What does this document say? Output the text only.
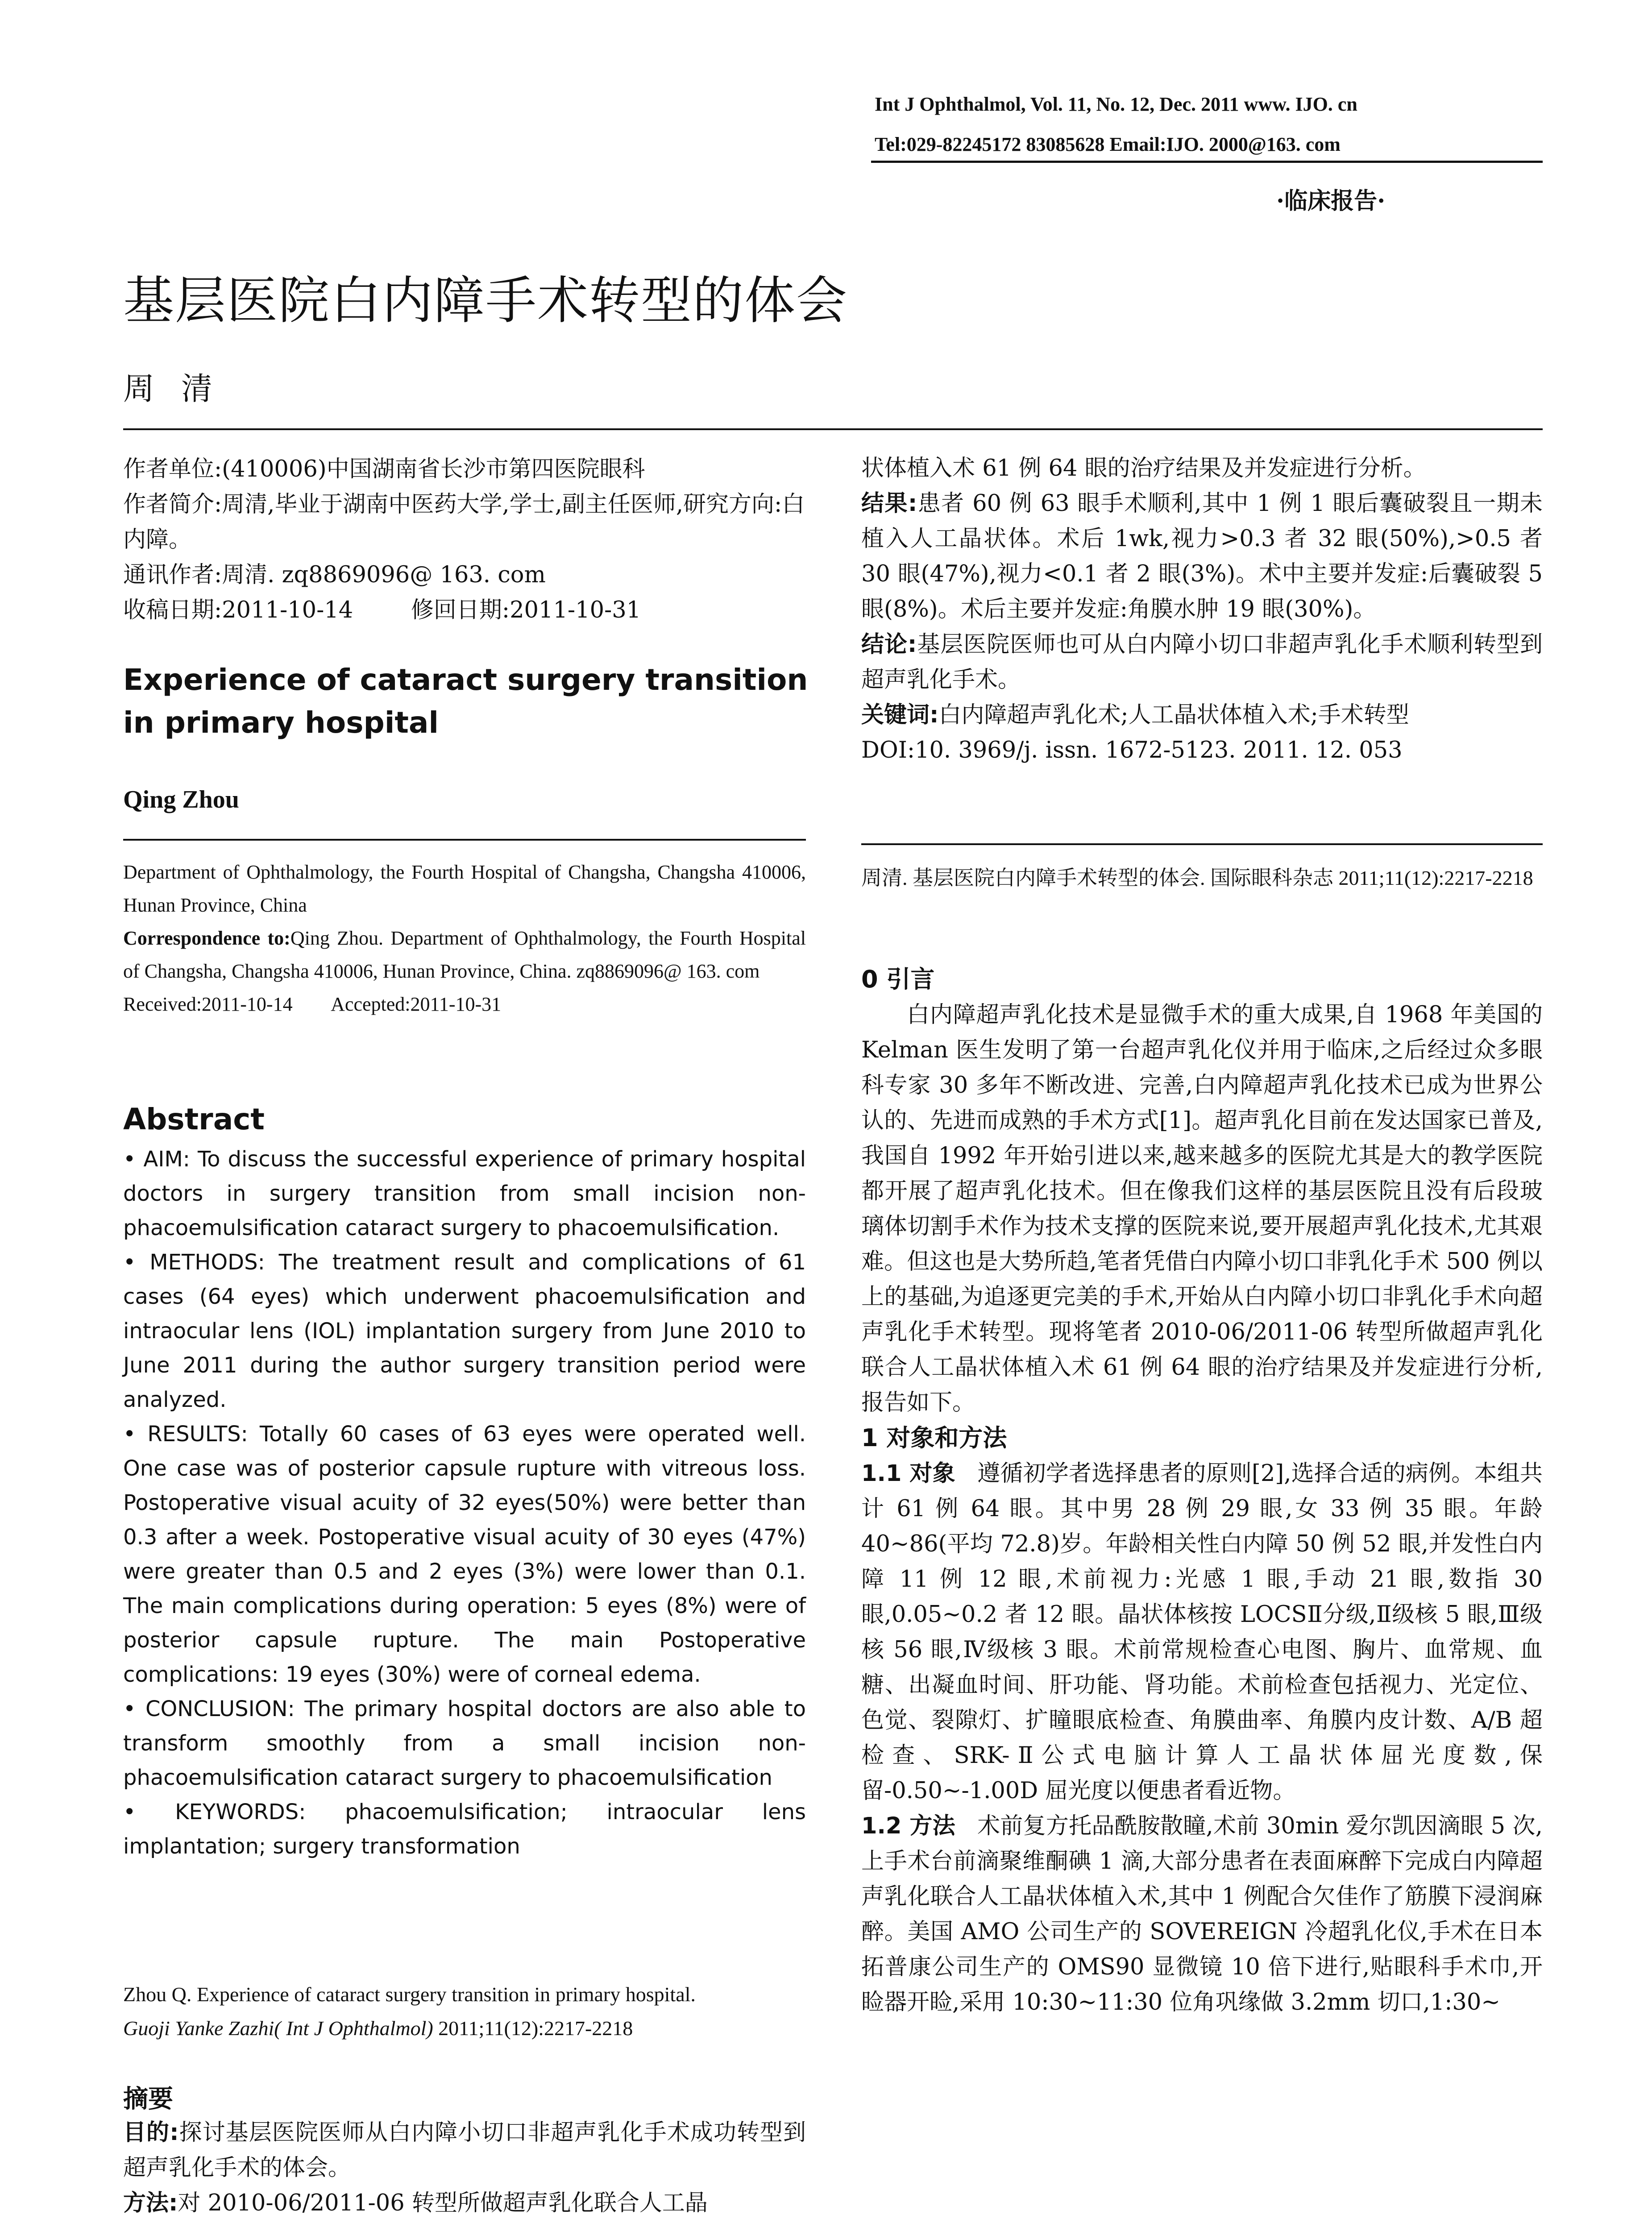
Int J Ophthalmol, Vol. 11, No. 12, Dec. 2011 www. IJO. cn
Tel:029-82245172 83085628 Email:IJO. 2000@163. com
·临床报告·
基层医院白内障手术转型的体会
周清

作者单位:(410006)中国湖南省长沙市第四医院眼科

作者简介:周清,毕业于湖南中医药大学,学士,副主任医师,研究方向:白内障。

通讯作者:周清. zq8869096@ 163. com

收稿日期:2011-10-14        修回日期:2011-10-31

Experience of cataract surgery transition in primary hospital
Qing Zhou
Department of Ophthalmology, the Fourth Hospital of Changsha, Changsha 410006, Hunan Province, China
Correspondence to:Qing Zhou. Department of Ophthalmology, the Fourth Hospital of Changsha, Changsha 410006, Hunan Province, China. zq8869096@ 163. com
Received:2011-10-14        Accepted:2011-10-31
Abstract

• AIM: To discuss the successful experience of primary hospital doctors in surgery transition from small incision non-phacoemulsification cataract surgery to phacoemulsification.

• METHODS: The treatment result and complications of 61 cases (64 eyes) which underwent phacoemulsification and intraocular lens (IOL) implantation surgery from June 2010 to June 2011 during the author surgery transition period were analyzed.

• RESULTS: Totally 60 cases of 63 eyes were operated well. One case was of posterior capsule rupture with vitreous loss. Postoperative visual acuity of 32 eyes(50%) were better than 0.3 after a week. Postoperative visual acuity of 30 eyes (47%) were greater than 0.5 and 2 eyes (3%) were lower than 0.1. The main complications during operation: 5 eyes (8%) were of posterior capsule rupture. The main Postoperative complications: 19 eyes (30%) were of corneal edema.

• CONCLUSION: The primary hospital doctors are also able to transform smoothly from a small incision non-phacoemulsification cataract surgery to phacoemulsification

• KEYWORDS: phacoemulsification; intraocular lens implantation; surgery transformation

Zhou Q. Experience of cataract surgery transition in primary hospital.
Guoji Yanke Zazhi( Int J Ophthalmol) 2011;11(12):2217-2218
摘要

目的:探讨基层医院医师从白内障小切口非超声乳化手术成功转型到超声乳化手术的体会。

方法:对 2010-06/2011-06 转型所做超声乳化联合人工晶

状体植入术 61 例 64 眼的治疗结果及并发症进行分析。

结果:患者 60 例 63 眼手术顺利,其中 1 例 1 眼后囊破裂且一期未植入人工晶状体。术后 1wk,视力>0.3 者 32 眼(50%),>0.5 者 30 眼(47%),视力<0.1 者 2 眼(3%)。术中主要并发症:后囊破裂 5 眼(8%)。术后主要并发症:角膜水肿 19 眼(30%)。

结论:基层医院医师也可从白内障小切口非超声乳化手术顺利转型到超声乳化手术。

关键词:白内障超声乳化术;人工晶状体植入术;手术转型

DOI:10. 3969/j. issn. 1672-5123. 2011. 12. 053

周清. 基层医院白内障手术转型的体会. 国际眼科杂志 2011;11(12):2217-2218
0 引言
白内障超声乳化技术是显微手术的重大成果,自 1968 年美国的 Kelman 医生发明了第一台超声乳化仪并用于临床,之后经过众多眼科专家 30 多年不断改进、完善,白内障超声乳化技术已成为世界公认的、先进而成熟的手术方式[1]。超声乳化目前在发达国家已普及,我国自 1992 年开始引进以来,越来越多的医院尤其是大的教学医院都开展了超声乳化技术。但在像我们这样的基层医院且没有后段玻璃体切割手术作为技术支撑的医院来说,要开展超声乳化技术,尤其艰难。但这也是大势所趋,笔者凭借白内障小切口非乳化手术 500 例以上的基础,为追逐更完美的手术,开始从白内障小切口非乳化手术向超声乳化手术转型。现将笔者 2010-06/2011-06 转型所做超声乳化联合人工晶状体植入术 61 例 64 眼的治疗结果及并发症进行分析,报告如下。
1 对象和方法
1.1 对象 遵循初学者选择患者的原则[2],选择合适的病例。本组共计 61 例 64 眼。其中男 28 例 29 眼,女 33 例 35 眼。年龄 40~86(平均 72.8)岁。年龄相关性白内障 50 例 52 眼,并发性白内障 11 例 12 眼,术前视力:光感 1 眼,手动 21 眼,数指 30 眼,0.05~0.2 者 12 眼。晶状体核按 LOCSⅡ分级,Ⅱ级核 5 眼,Ⅲ级核 56 眼,Ⅳ级核 3 眼。术前常规检查心电图、胸片、血常规、血糖、出凝血时间、肝功能、肾功能。术前检查包括视力、光定位、色觉、裂隙灯、扩瞳眼底检查、角膜曲率、角膜内皮计数、A/B 超检查、SRK-Ⅱ公式电脑计算人工晶状体屈光度数,保留-0.50~-1.00D 屈光度以便患者看近物。
1.2 方法 术前复方托品酰胺散瞳,术前 30min 爱尔凯因滴眼 5 次,上手术台前滴聚维酮碘 1 滴,大部分患者在表面麻醉下完成白内障超声乳化联合人工晶状体植入术,其中 1 例配合欠佳作了筋膜下浸润麻醉。美国 AMO 公司生产的 SOVEREIGN 冷超乳化仪,手术在日本拓普康公司生产的 OMS90 显微镜 10 倍下进行,贴眼科手术巾,开睑器开睑,采用 10:30~11:30 位角巩缘做 3.2mm 切口,1:30~
